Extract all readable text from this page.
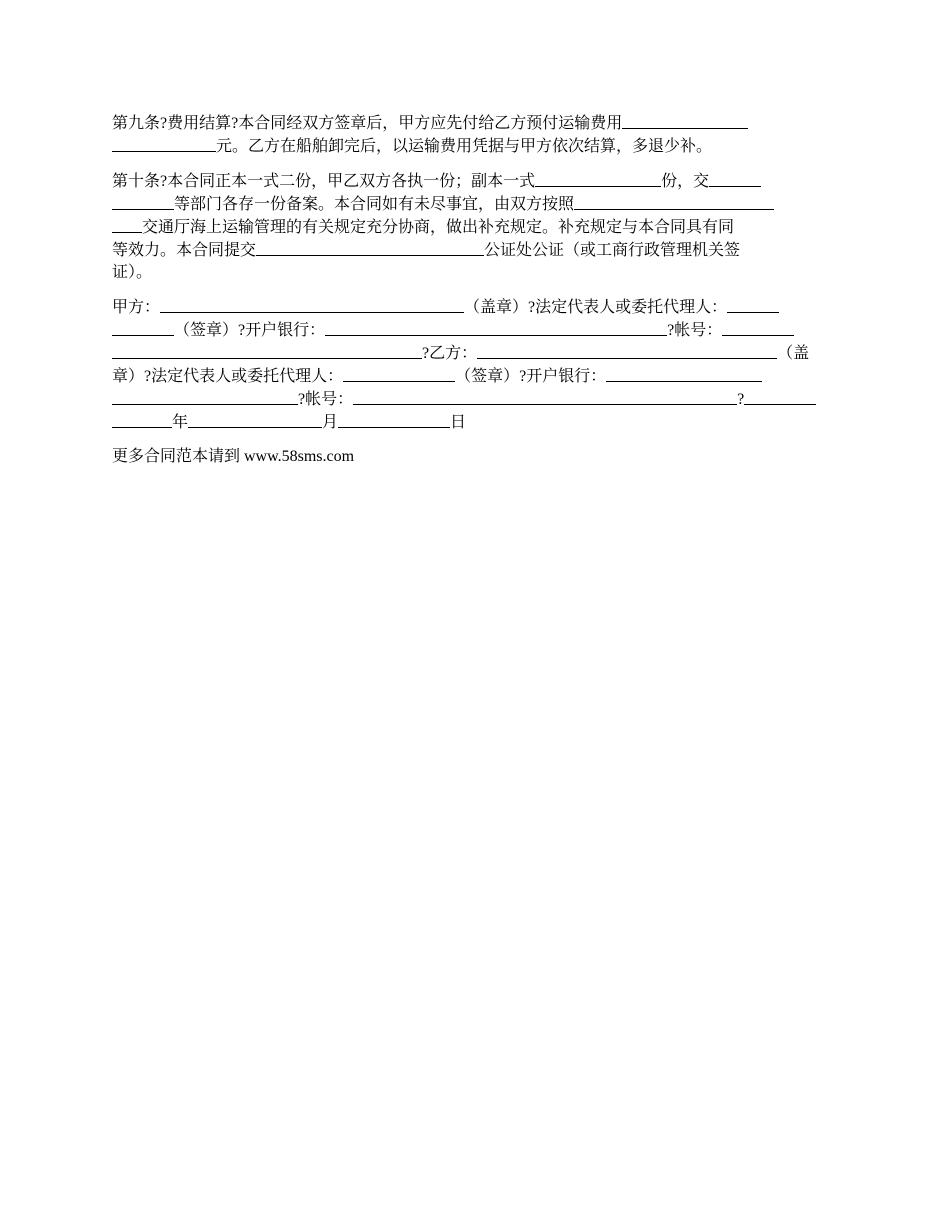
第九条?费用结算?本合同经双方签章后，甲方应先付给乙方预付运输费用
元。乙方在船舶卸完后，以运输费用凭据与甲方依次结算，多退少补。

第十条?本合同正本一式二份，甲乙双方各执一份；副本一式	份，交
等部门各存一份备案。本合同如有未尽事宜，由双方按照
交通厅海上运输管理的有关规定充分协商，做出补充规定。补充规定与本合同具有同
等效力。本合同提交	公证处公证（或工商行政管理机关签
证）。

甲方：	（盖章）?法定代表人或委托代理人：
（签章）?开户银行：	?帐号：
?乙方：	（盖
章）?法定代表人或委托代理人：	（签章）?开户银行：
?帐号：	?
年	月	日

更多合同范本请到 www.58sms.com
